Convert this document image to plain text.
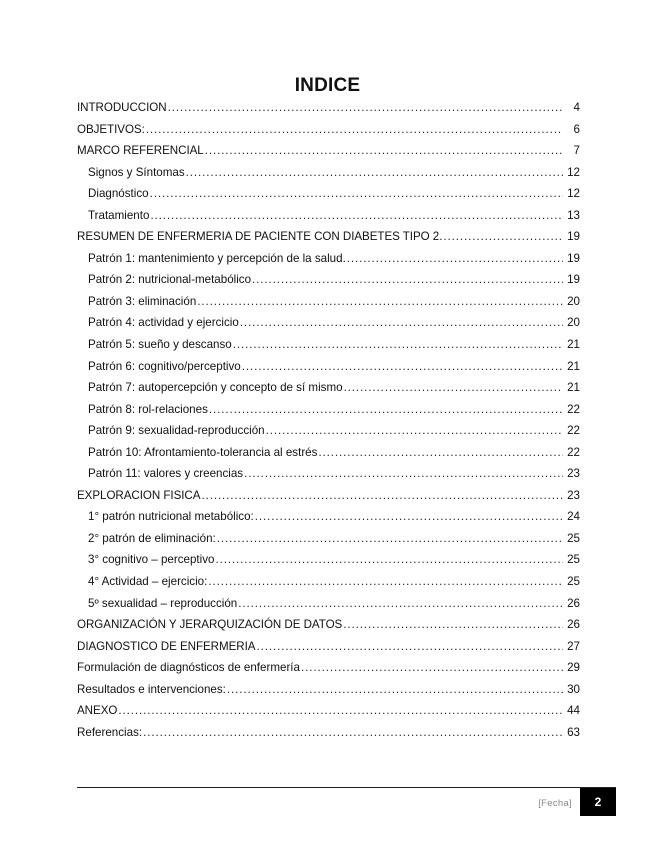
INDICE
INTRODUCCION .....	4
OBJETIVOS: .....	6
MARCO REFERENCIAL .....	7
Signos y Síntomas .....	12
Diagnóstico .....	12
Tratamiento .....	13
RESUMEN DE ENFERMERIA DE PACIENTE CON DIABETES TIPO 2. .....	19
Patrón 1: mantenimiento y percepción de la salud. .....	19
Patrón 2: nutricional-metabólico .....	19
Patrón 3: eliminación .....	20
Patrón 4: actividad y ejercicio .....	20
Patrón 5: sueño y descanso .....	21
Patrón 6: cognitivo/perceptivo .....	21
Patrón 7: autopercepción y concepto de sí mismo .....	21
Patrón 8: rol-relaciones .....	22
Patrón 9: sexualidad-reproducción .....	22
Patrón 10: Afrontamiento-tolerancia al estrés .....	22
Patrón 11: valores y creencias .....	23
EXPLORACION FISICA .....	23
1° patrón nutricional metabólico: .....	24
2° patrón de eliminación: .....	25
3° cognitivo – perceptivo .....	25
4° Actividad – ejercicio: .....	25
5º sexualidad – reproducción .....	26
ORGANIZACIÓN Y JERARQUIZACIÓN DE DATOS .....	26
DIAGNOSTICO DE ENFERMERIA .....	27
Formulación de diagnósticos de enfermería .....	29
Resultados e intervenciones: .....	30
ANEXO .....	44
Referencias: .....	63
[Fecha]	2
